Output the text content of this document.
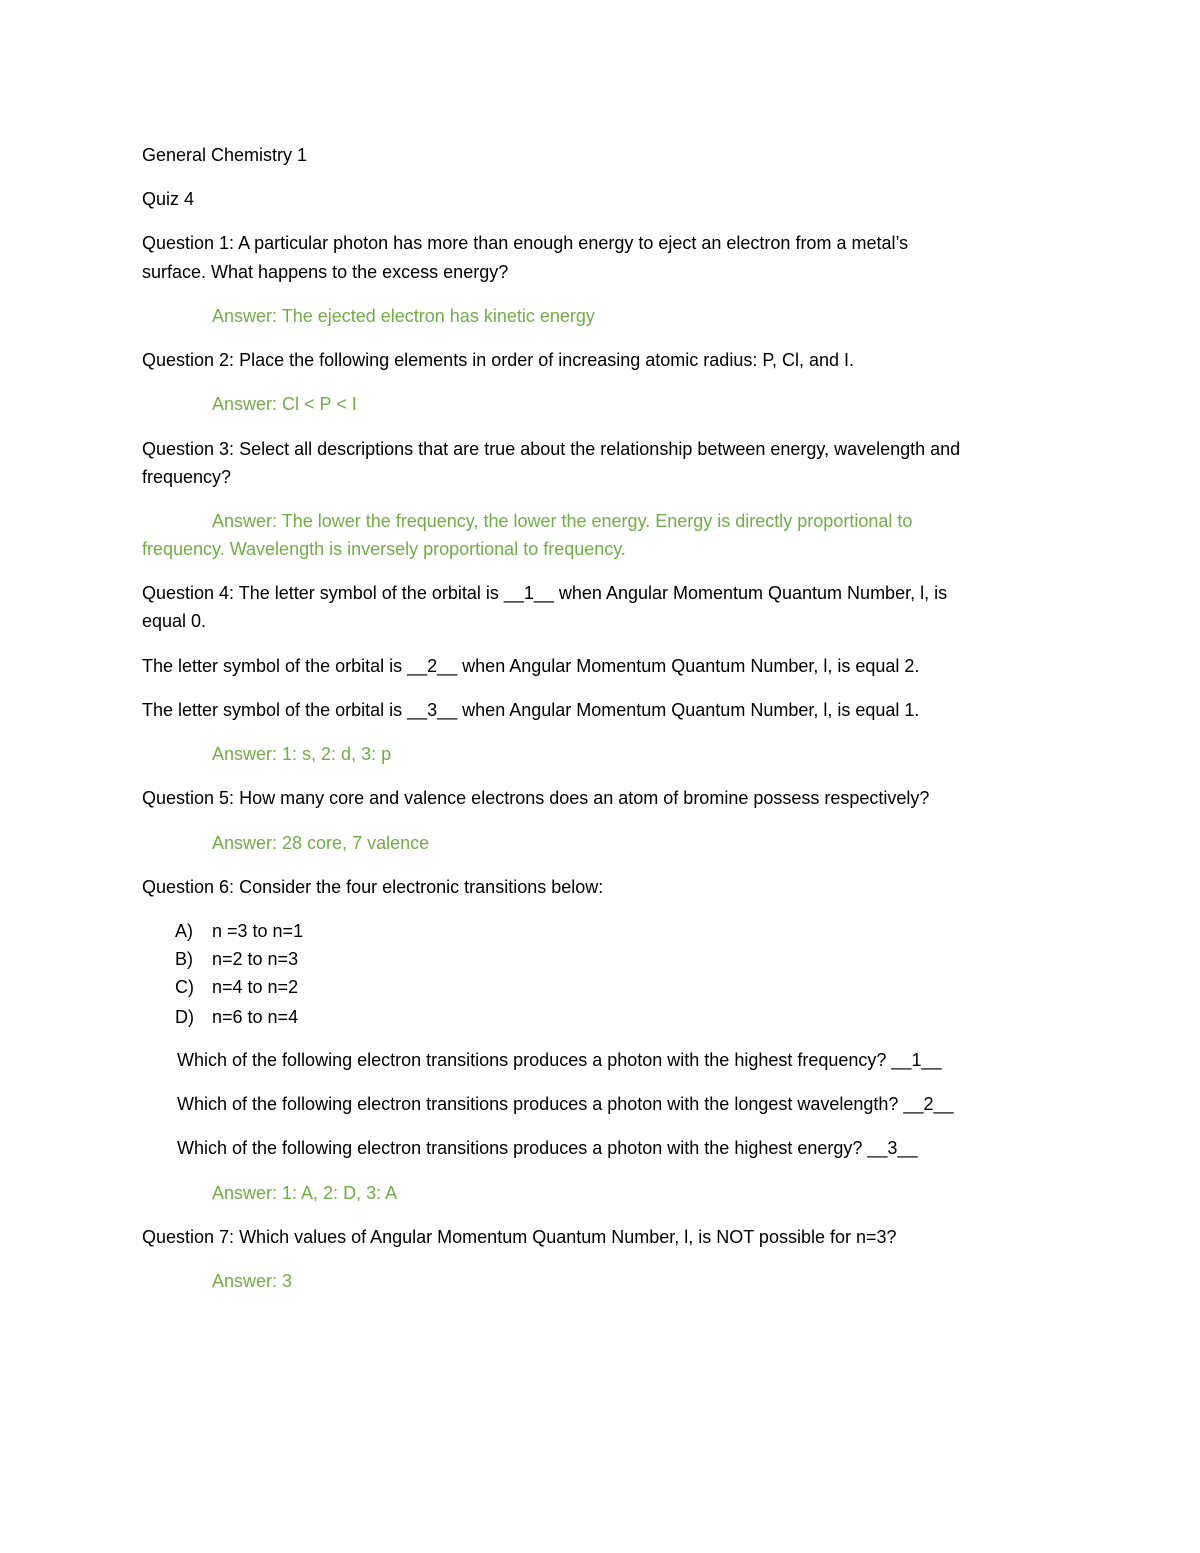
General Chemistry 1
Quiz 4
Question 1: A particular photon has more than enough energy to eject an electron from a metal’s
surface. What happens to the excess energy?
Answer: The ejected electron has kinetic energy
Question 2: Place the following elements in order of increasing atomic radius: P, Cl, and I.
Answer: Cl < P < I
Question 3: Select all descriptions that are true about the relationship between energy, wavelength and
frequency?
Answer: The lower the frequency, the lower the energy. Energy is directly proportional to
frequency. Wavelength is inversely proportional to frequency.
Question 4: The letter symbol of the orbital is __1__ when Angular Momentum Quantum Number, l, is
equal 0.
The letter symbol of the orbital is __2__ when Angular Momentum Quantum Number, l, is equal 2.
The letter symbol of the orbital is __3__ when Angular Momentum Quantum Number, l, is equal 1.
Answer: 1: s, 2: d, 3: p
Question 5: How many core and valence electrons does an atom of bromine possess respectively?
Answer: 28 core, 7 valence
Question 6: Consider the four electronic transitions below:
A) n =3 to n=1
B) n=2 to n=3
C) n=4 to n=2
D) n=6 to n=4
Which of the following electron transitions produces a photon with the highest frequency? __1__
Which of the following electron transitions produces a photon with the longest wavelength? __2__
Which of the following electron transitions produces a photon with the highest energy? __3__
Answer: 1: A, 2: D, 3: A
Question 7: Which values of Angular Momentum Quantum Number, l, is NOT possible for n=3?
Answer: 3
